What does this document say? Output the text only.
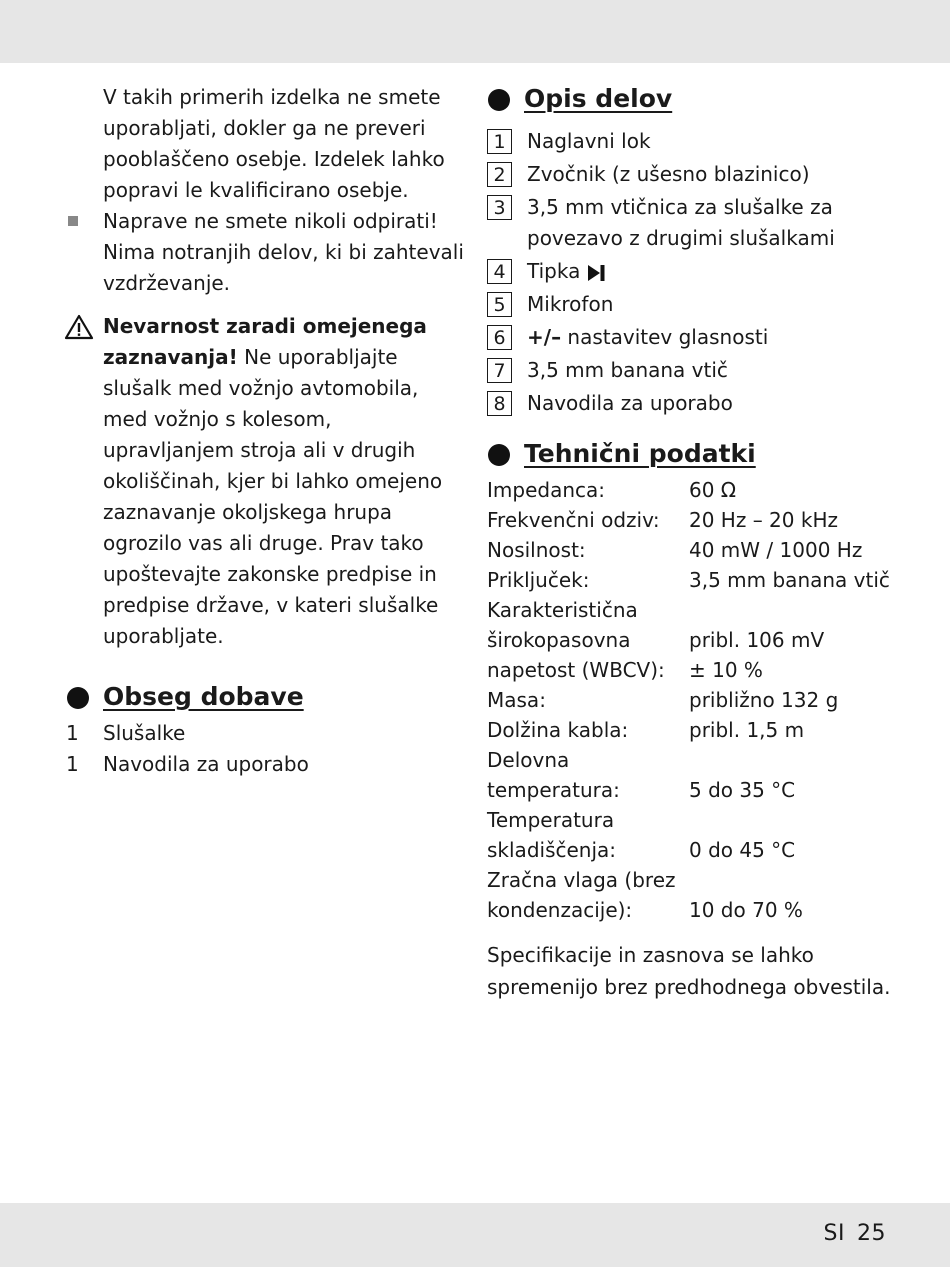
V takih primerih izdelka ne smete uporabljati, dokler ga ne preveri pooblaščeno osebje. Izdelek lahko popravi le kvalificirano osebje.
Naprave ne smete nikoli odpirati! Nima notranjih delov, ki bi zahtevali vzdrževanje.
Nevarnost zaradi omejenega zaznavanja! Ne uporabljajte slušalk med vožnjo avtomobila, med vožnjo s kolesom, upravljanjem stroja ali v drugih okoliščinah, kjer bi lahko omejeno zaznavanje okoljskega hrupa ogrozilo vas ali druge. Prav tako upoštevajte zakonske predpise in predpise države, v kateri slušalke uporabljate.
Obseg dobave
1 Slušalke
1 Navodila za uporabo
Opis delov
1	Naglavni lok
2	Zvočnik (z ušesno blazinico)
3	3,5 mm vtičnica za slušalke za povezavo z drugimi slušalkami
4	Tipka
5	Mikrofon
6	+/– nastavitev glasnosti
7	3,5 mm banana vtič
8	Navodila za uporabo
Tehnični podatki
Impedanca:	60 Ω
Frekvenčni odziv:	20 Hz – 20 kHz
Nosilnost:	40 mW / 1000 Hz
Priključek:	3,5 mm banana vtič
Karakteristična
širokopasovna	pribl. 106 mV
napetost (WBCV):	± 10 %
Masa:	približno 132 g
Dolžina kabla:	pribl. 1,5 m
Delovna
temperatura:	5 do 35 °C
Temperatura
skladiščenja:	0 do 45 °C
Zračna vlaga (brez
kondenzacije):	10 do 70 %
Specifikacije in zasnova se lahko spremenijo brez predhodnega obvestila.
SI 25
